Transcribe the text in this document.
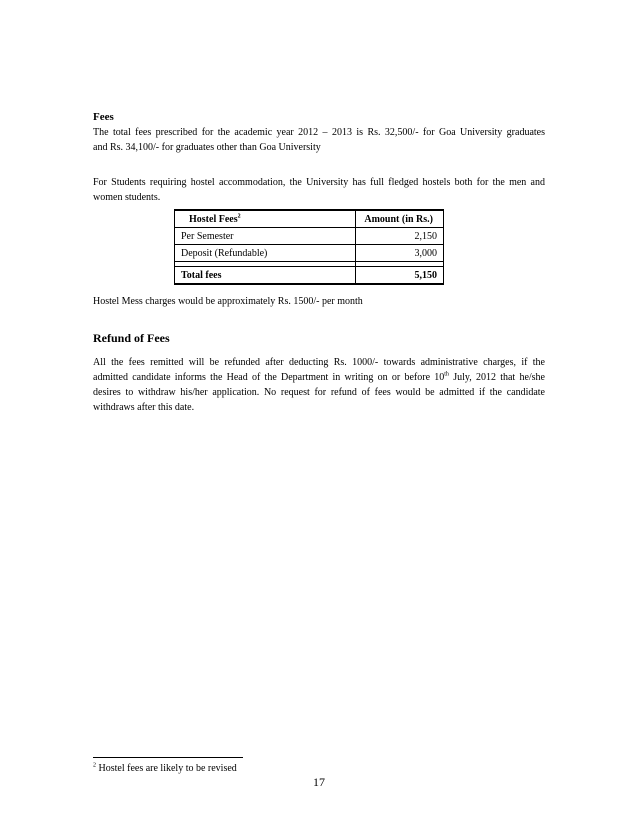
Fees
The total fees prescribed for the academic year 2012 – 2013 is Rs. 32,500/- for Goa University graduates
and Rs. 34,100/- for graduates other than Goa University
For Students requiring hostel accommodation, the University has full fledged hostels both for the men and
women students.
Hostel Fees$^2$	Amount (in Rs.)
Per Semester	2,150
Deposit (Refundable)	3,000

Total fees	5,150
Hostel Mess charges would be approximately Rs. 1500/- per month
Refund of Fees
All the fees remitted will be refunded after deducting Rs. 1000/- towards administrative charges, if the
admitted candidate informs the Head of the Department in writing on or before 10th July, 2012 that he/she
desires to withdraw his/her application. No request for refund of fees would be admitted if the candidate
withdraws after this date.
$^2$ Hostel fees are likely to be revised
17
